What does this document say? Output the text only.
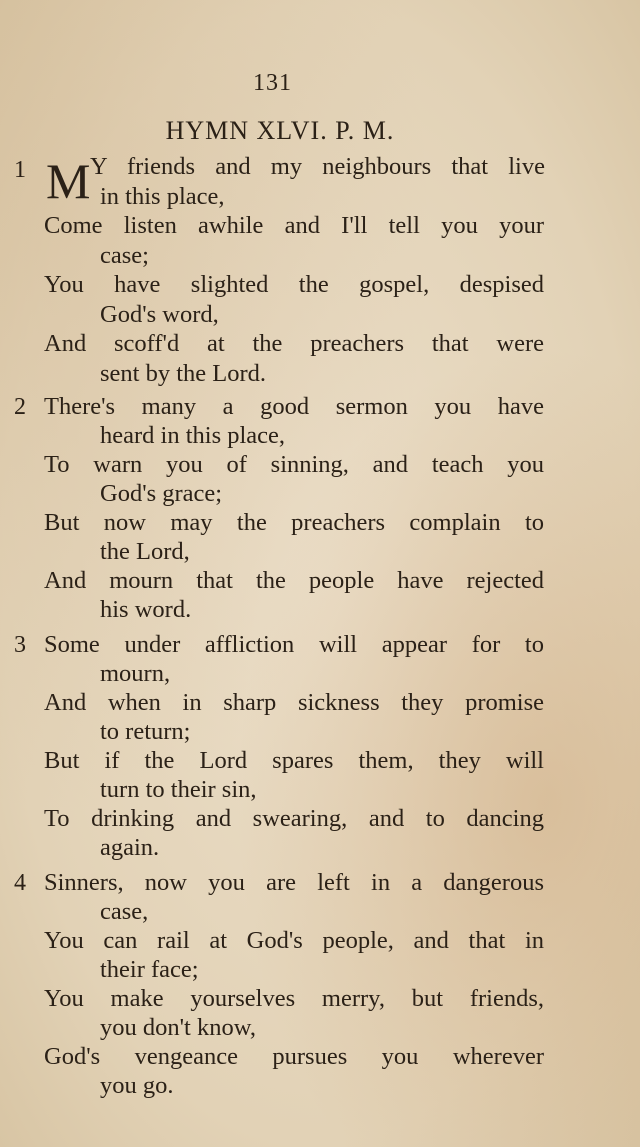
131
HYMN XLVI. P. M.
1 M Y friends and my neighbours that live
in this place,
Come listen awhile and I'll tell you your
case;
You have slighted the gospel, despised
God's word,
And scoff'd at the preachers that were
sent by the Lord.
2 There's many a good sermon you have
heard in this place,
To warn you of sinning, and teach you
God's grace;
But now may the preachers complain to
the Lord,
And mourn that the people have rejected
his word.
3 Some under affliction will appear for to
mourn,
And when in sharp sickness they promise
to return;
But if the Lord spares them, they will
turn to their sin,
To drinking and swearing, and to dancing
again.
4 Sinners, now you are left in a dangerous
case,
You can rail at God's people, and that in
their face;
You make yourselves merry, but friends,
you don't know,
God's vengeance pursues you wherever
you go.
